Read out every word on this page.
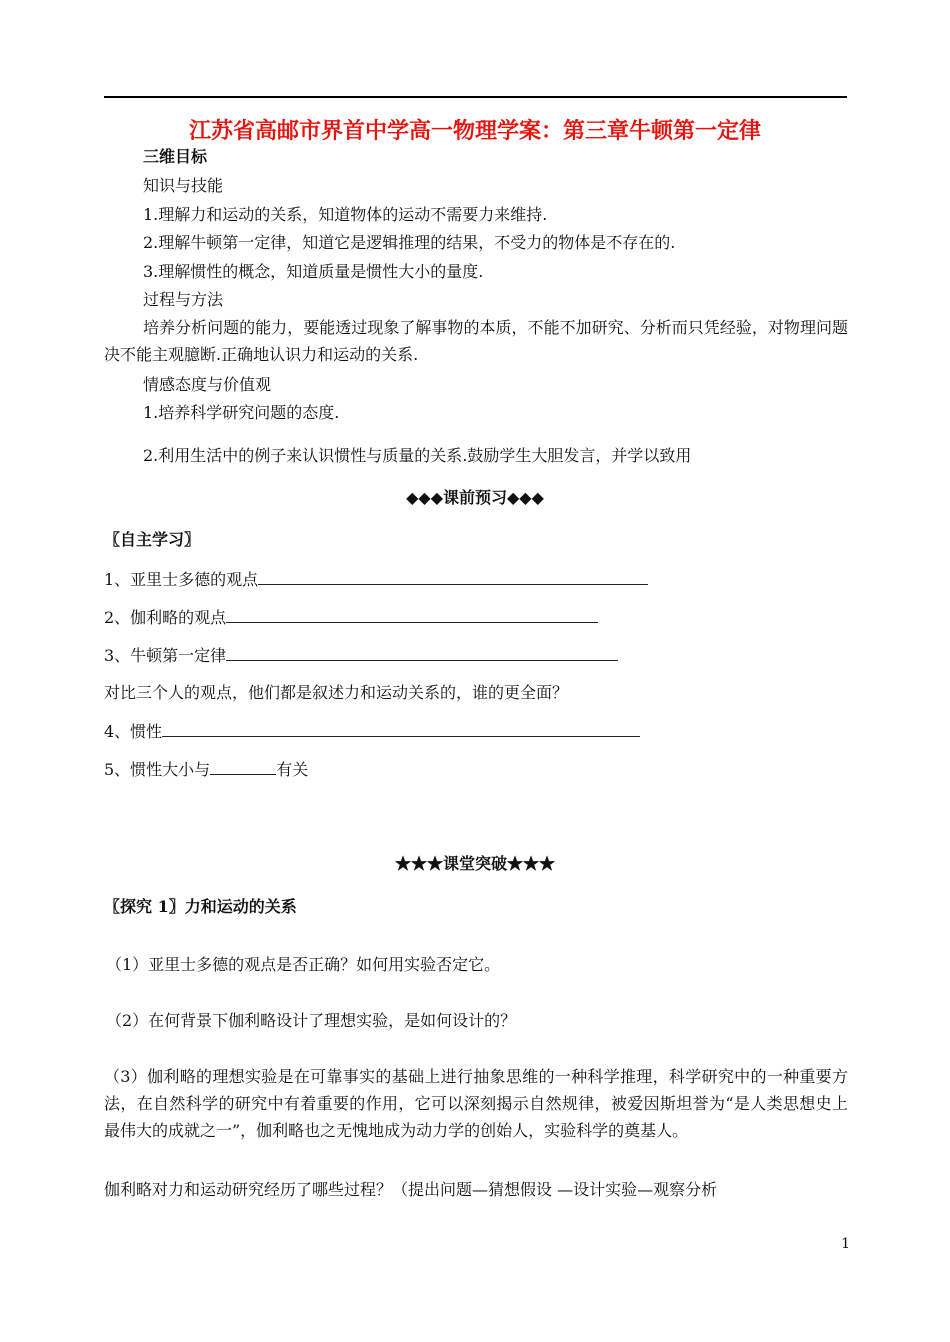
江苏省高邮市界首中学高一物理学案：第三章牛顿第一定律
三维目标
知识与技能
1.理解力和运动的关系，知道物体的运动不需要力来维持.
2.理解牛顿第一定律，知道它是逻辑推理的结果，不受力的物体是不存在的.
3.理解惯性的概念，知道质量是惯性大小的量度.
过程与方法
培养分析问题的能力，要能透过现象了解事物的本质，不能不加研究、分析而只凭经验，对物理问题决不能主观臆断.正确地认识力和运动的关系.
情感态度与价值观
1.培养科学研究问题的态度.
2.利用生活中的例子来认识惯性与质量的关系.鼓励学生大胆发言，并学以致用
◆◆◆课前预习◆◆◆
〖自主学习〗
1、亚里士多德的观点
2、伽利略的观点
3、牛顿第一定律
对比三个人的观点，他们都是叙述力和运动关系的，谁的更全面？
4、惯性
5、惯性大小与	有关
★★★课堂突破★★★
〖探究 1〗力和运动的关系
（1）亚里士多德的观点是否正确？如何用实验否定它。
（2）在何背景下伽利略设计了理想实验，是如何设计的？
（3）伽利略的理想实验是在可靠事实的基础上进行抽象思维的一种科学推理，科学研究中的一种重要方法，在自然科学的研究中有着重要的作用，它可以深刻揭示自然规律，被爱因斯坦誉为“是人类思想史上最伟大的成就之一”，伽利略也之无愧地成为动力学的创始人，实验科学的奠基人。
伽利略对力和运动研究经历了哪些过程？（提出问题—猜想假设 —设计实验—观察分析
1
